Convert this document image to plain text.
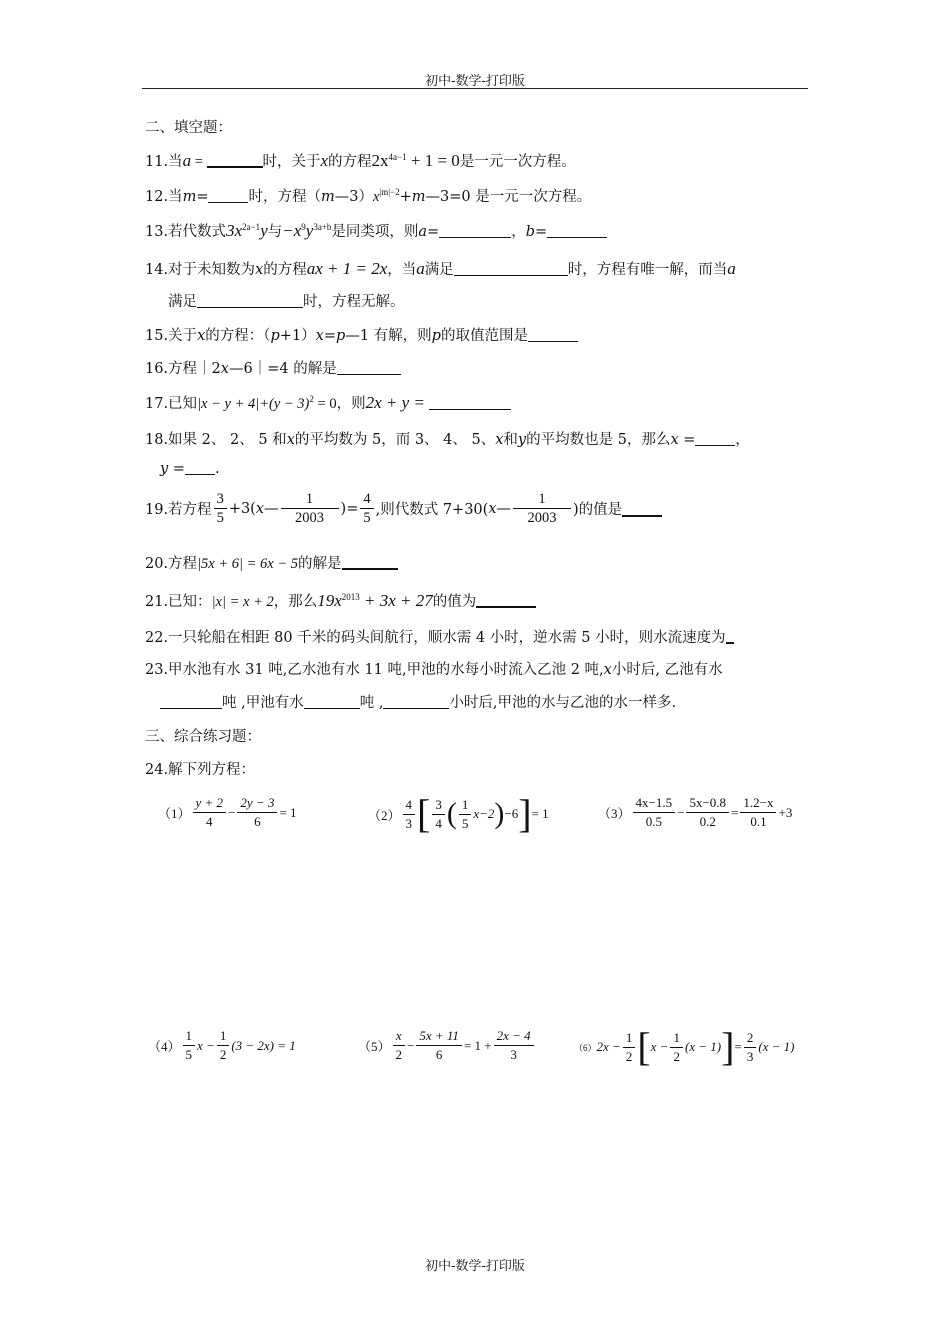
初中-数学-打印版
二、填空题：
11.当a =	时，关于x的方程$2x^{4a-1} + 1 = 0$是一元一次方程。
12.当m=	时，方程$(m—3)x^{|m|-2}+m—3=0$ 是一元一次方程。
13.若代数式$3x^{2a-1}y$与$-x^9y^{3a+b}$是同类项，则a=	，b=
14.对于未知数为x的方程ax + 1 = 2x，当a满足	时，方程有唯一解，而当a
满足	时，方程无解。
15.关于x的方程：（p+1）x=p—1 有解，则p的取值范围是
16.方程｜2x—6｜=4 的解是
17.已知$|x - y + 4|+(y - 3)^2 = 0$，则2x + y =
18.如果 2、 2、 5 和x的平均数为 5，而 3、 4、 5、x和y的平均数也是 5，那么x =	，
y = .
19.若方程 $\frac{3}{5} +3$( x — $\frac{1}{2003}$ )= $\frac{4}{5}$ ,则代数式 7+30( x — $\frac{1}{2003}$ )的值是
20.方程|5x + 6| = 6x − 5的解是
21.已知：|x| = x + 2，那么$19x^{2013} + 3x + 27$的值为
22.一只轮船在相距 80 千米的码头间航行，顺水需 4 小时，逆水需 5 小时，则水流速度为
23.甲水池有水 31 吨,乙水池有水 11 吨,甲池的水每小时流入乙池 2 吨,x小时后, 乙池有水
吨 ,甲池有水	吨 ,	小时后,甲池的水与乙池的水一样多.
三、综合练习题：
24.解下列方程：
$(1) \frac{y + 2}{4} - \frac{2y - 3}{6} = 1$	$(2) \frac{4}{3}$ [ $\frac{3}{4}$ ( $\frac{1}{5} x-2$ ) −6 ] = 1	$(3) \frac{4x-1.5}{0.5} - \frac{5x-0.8}{0.2} = \frac{1.2-x}{0.1} +3$
$(4) \frac{1}{5}$ $x - \frac{1}{2} (3 - 2x) = 1$	$(5) \frac{x}{2} - \frac{5x + 11}{6} = 1 + \frac{2x - 4}{3}$	（6） $2x - \frac{1}{2}$ [ $x - \frac{1}{2} (x - 1)$ ] = $\frac{2}{3} (x - 1)$
初中-数学-打印版
